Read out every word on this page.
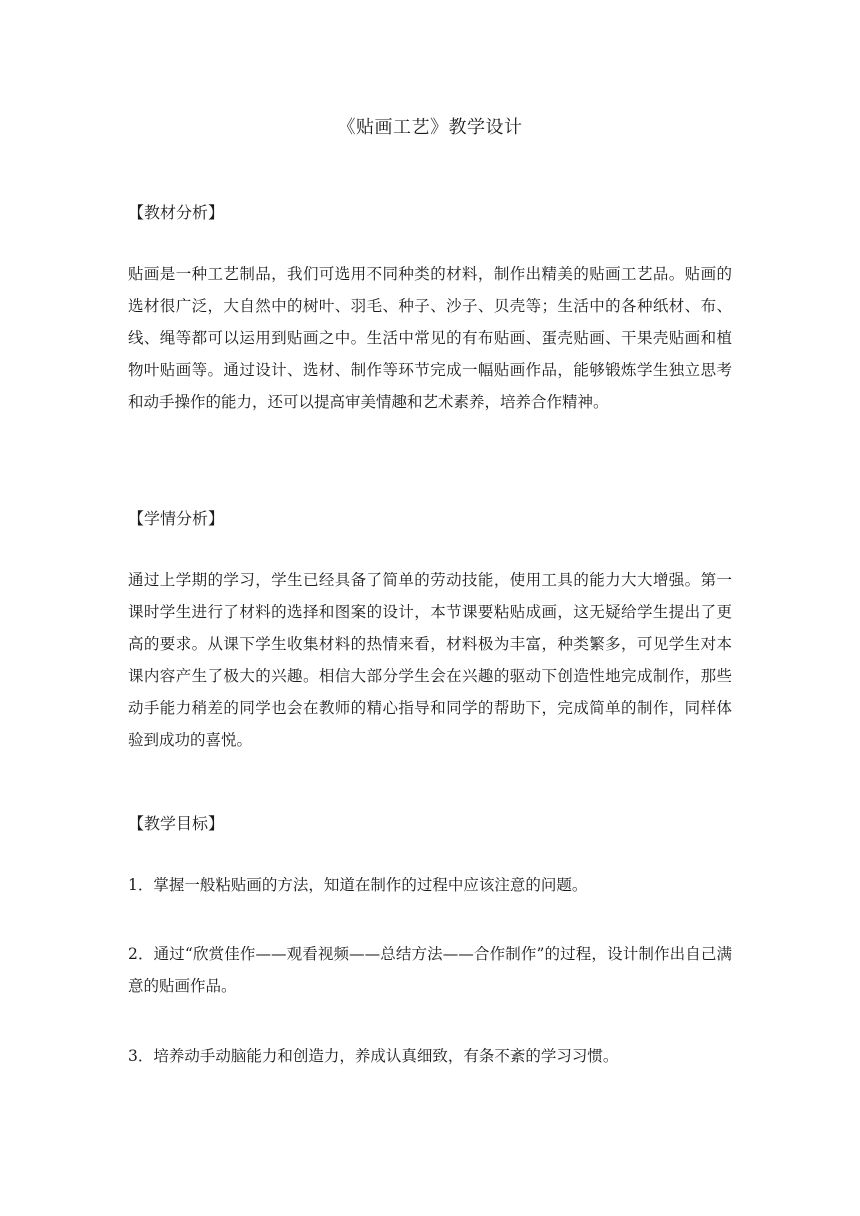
《贴画工艺》教学设计
【教材分析】

贴画是一种工艺制品，我们可选用不同种类的材料，制作出精美的贴画工艺品。贴画的选材很广泛，大自然中的树叶、羽毛、种子、沙子、贝壳等；生活中的各种纸材、布、线、绳等都可以运用到贴画之中。生活中常见的有布贴画、蛋壳贴画、干果壳贴画和植物叶贴画等。通过设计、选材、制作等环节完成一幅贴画作品，能够锻炼学生独立思考和动手操作的能力，还可以提高审美情趣和艺术素养，培养合作精神。

【学情分析】

通过上学期的学习，学生已经具备了简单的劳动技能，使用工具的能力大大增强。第一课时学生进行了材料的选择和图案的设计，本节课要粘贴成画，这无疑给学生提出了更高的要求。从课下学生收集材料的热情来看，材料极为丰富，种类繁多，可见学生对本课内容产生了极大的兴趣。相信大部分学生会在兴趣的驱动下创造性地完成制作，那些动手能力稍差的同学也会在教师的精心指导和同学的帮助下，完成简单的制作，同样体验到成功的喜悦。

【教学目标】

1．掌握一般粘贴画的方法，知道在制作的过程中应该注意的问题。

2．通过“欣赏佳作——观看视频——总结方法——合作制作”的过程，设计制作出自己满意的贴画作品。

3．培养动手动脑能力和创造力，养成认真细致，有条不紊的学习习惯。
